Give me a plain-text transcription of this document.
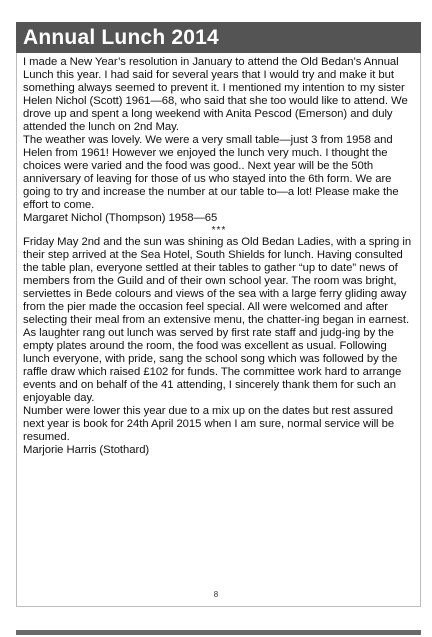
Annual Lunch 2014

I made a New Year’s resolution in January to attend the Old Bedan’s Annual Lunch this year. I had said for several years that I would try and make it but something always seemed to prevent it. I mentioned my intention to my sister Helen Nichol (Scott) 1961—68, who said that she too would like to attend. We drove up and spent a long weekend with Anita Pescod (Emerson) and duly attended the lunch on 2nd May.

The weather was lovely. We were a very small table—just 3 from 1958 and Helen from 1961! However we enjoyed the lunch very much. I thought the choices were varied and the food was good.. Next year will be the 50th anniversary of leaving for those of us who stayed into the 6th form. We are going to try and increase the number at our table to—a lot! Please make the effort to come.

Margaret Nichol (Thompson) 1958—65

***

Friday May 2nd and the sun was shining as Old Bedan Ladies, with a spring in their step arrived at the Sea Hotel, South Shields for lunch. Having consulted the table plan, everyone settled at their tables to gather “up to date” news of members from the Guild and of their own school year. The room was bright, serviettes in Bede colours and views of the sea with a large ferry gliding away from the pier made the occasion feel special. All were welcomed and after selecting their meal from an extensive menu, the chatter-ing began in earnest.

As laughter rang out lunch was served by first rate staff and judg-ing by the empty plates around the room, the food was excellent as usual. Following lunch everyone, with pride, sang the school song which was followed by the raffle draw which raised £102 for funds. The committee work hard to arrange events and on behalf of the 41 attending, I sincerely thank them for such an enjoyable day.

Number were lower this year due to a mix up on the dates but rest assured next year is book for 24th April 2015 when I am sure, normal service will be resumed.

Marjorie Harris (Stothard)

8
